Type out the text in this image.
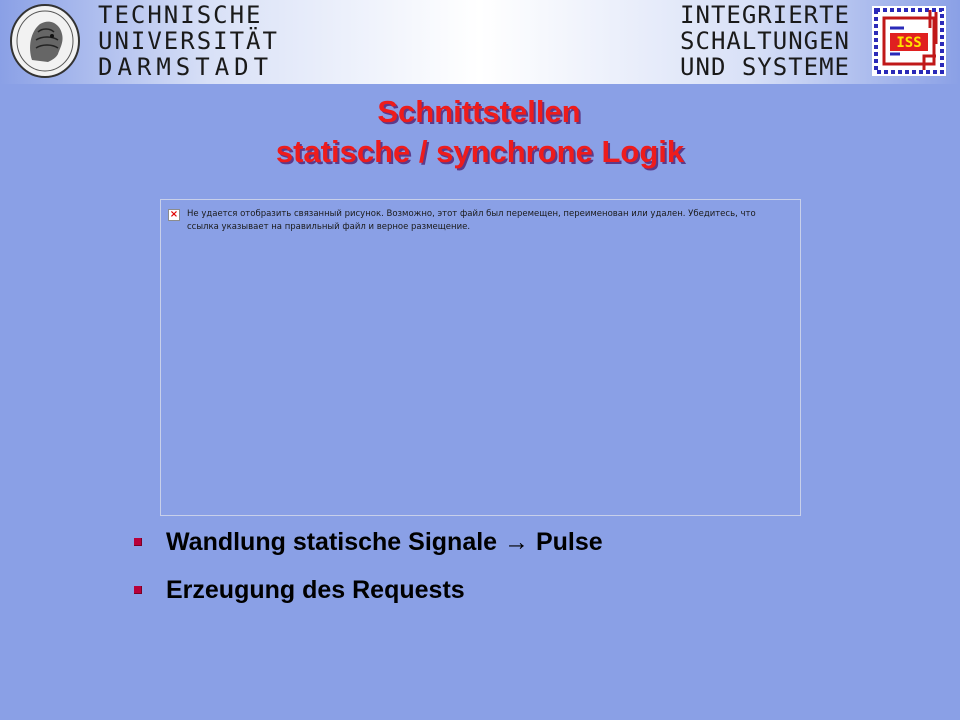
TECHNISCHE
UNIVERSITÄT
DARMSTADT
INTEGRIERTE
SCHALTUNGEN
UND SYSTEME
ISS
Schnittstellen
statische / synchrone Logik
× Не удается отобразить связанный рисунок. Возможно, этот файл был перемещен, переименован или удален. Убедитесь, что ссылка указывает на правильный файл и верное размещение.
Wandlung statische Signale → Pulse
Erzeugung des Requests
